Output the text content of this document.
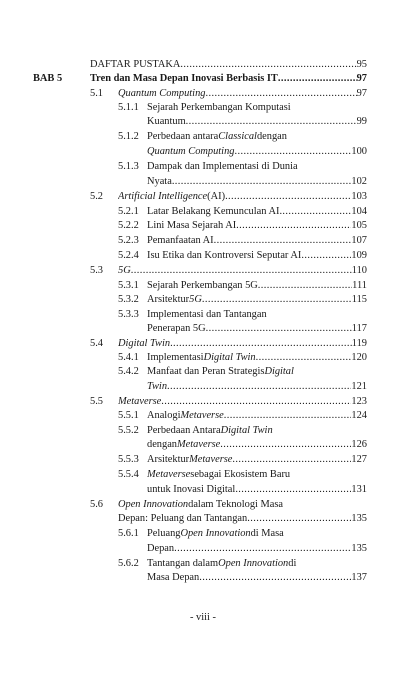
DAFTAR PUSTAKA .....	95
BAB 5	Tren dan Masa Depan Inovasi Berbasis IT .....	97
5.1 Quantum Computing .....	97
5.1.1 Sejarah Perkembangan Komputasi
Kuantum .....	99
5.1.2 Perbedaan antara Classical dengan
Quantum Computing .....	100
5.1.3 Dampak dan Implementasi di Dunia
Nyata .....	102
5.2 Artificial Intelligence (AI) .....	103
5.2.1 Latar Belakang Kemunculan AI .....	104
5.2.2 Lini Masa Sejarah AI .....	105
5.2.3 Pemanfaatan AI .....	107
5.2.4 Isu Etika dan Kontroversi Seputar AI .....	109
5.3 5G .....	110
5.3.1 Sejarah Perkembangan 5G .....	111
5.3.2 Arsitektur 5G .....	115
5.3.3 Implementasi dan Tantangan
Penerapan 5G .....	117
5.4 Digital Twin .....	119
5.4.1 Implementasi Digital Twin .....	120
5.4.2 Manfaat dan Peran Strategis Digital
Twin .....	121
5.5 Metaverse .....	123
5.5.1 Analogi Metaverse .....	124
5.5.2 Perbedaan Antara Digital Twin
dengan Metaverse .....	126
5.5.3 Arsitektur Metaverse .....	127
5.5.4 Metaverse sebagai Ekosistem Baru
untuk Inovasi Digital .....	131
5.6 Open Innovation dalam Teknologi Masa
Depan: Peluang dan Tantangan .....	135
5.6.1 Peluang Open Innovation di Masa
Depan .....	135
5.6.2 Tantangan dalam Open Innovation di
Masa Depan .....	137
- viii -
